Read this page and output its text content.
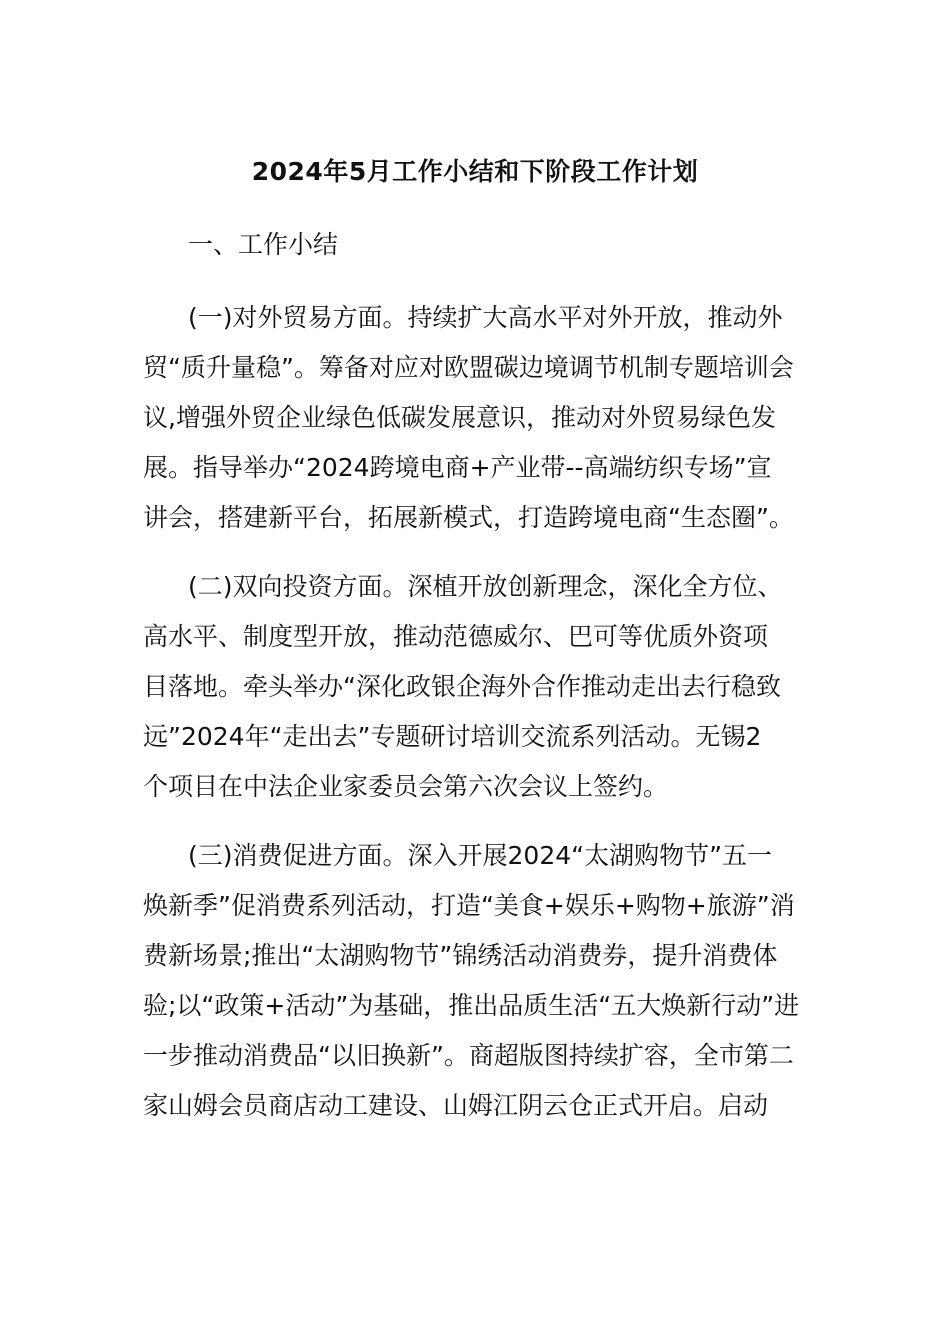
2024年5月工作小结和下阶段工作计划

一、工作小结

(一)对外贸易方面。持续扩大高水平对外开放，推动外
贸“质升量稳”。筹备对应对欧盟碳边境调节机制专题培训会
议,增强外贸企业绿色低碳发展意识，推动对外贸易绿色发
展。指导举办“2024跨境电商+产业带--高端纺织专场”宣
讲会，搭建新平台，拓展新模式，打造跨境电商“生态圈”。
(二)双向投资方面。深植开放创新理念，深化全方位、
高水平、制度型开放，推动范德威尔、巴可等优质外资项
目落地。牵头举办“深化政银企海外合作推动走出去行稳致
远”2024年“走出去”专题研讨培训交流系列活动。无锡2
个项目在中法企业家委员会第六次会议上签约。
(三)消费促进方面。深入开展2024“太湖购物节”五一
焕新季”促消费系列活动，打造“美食+娱乐+购物+旅游”消
费新场景;推出“太湖购物节”锦绣活动消费券，提升消费体
验;以“政策+活动”为基础，推出品质生活“五大焕新行动”进
一步推动消费品“以旧换新”。商超版图持续扩容，全市第二
家山姆会员商店动工建设、山姆江阴云仓正式开启。启动
